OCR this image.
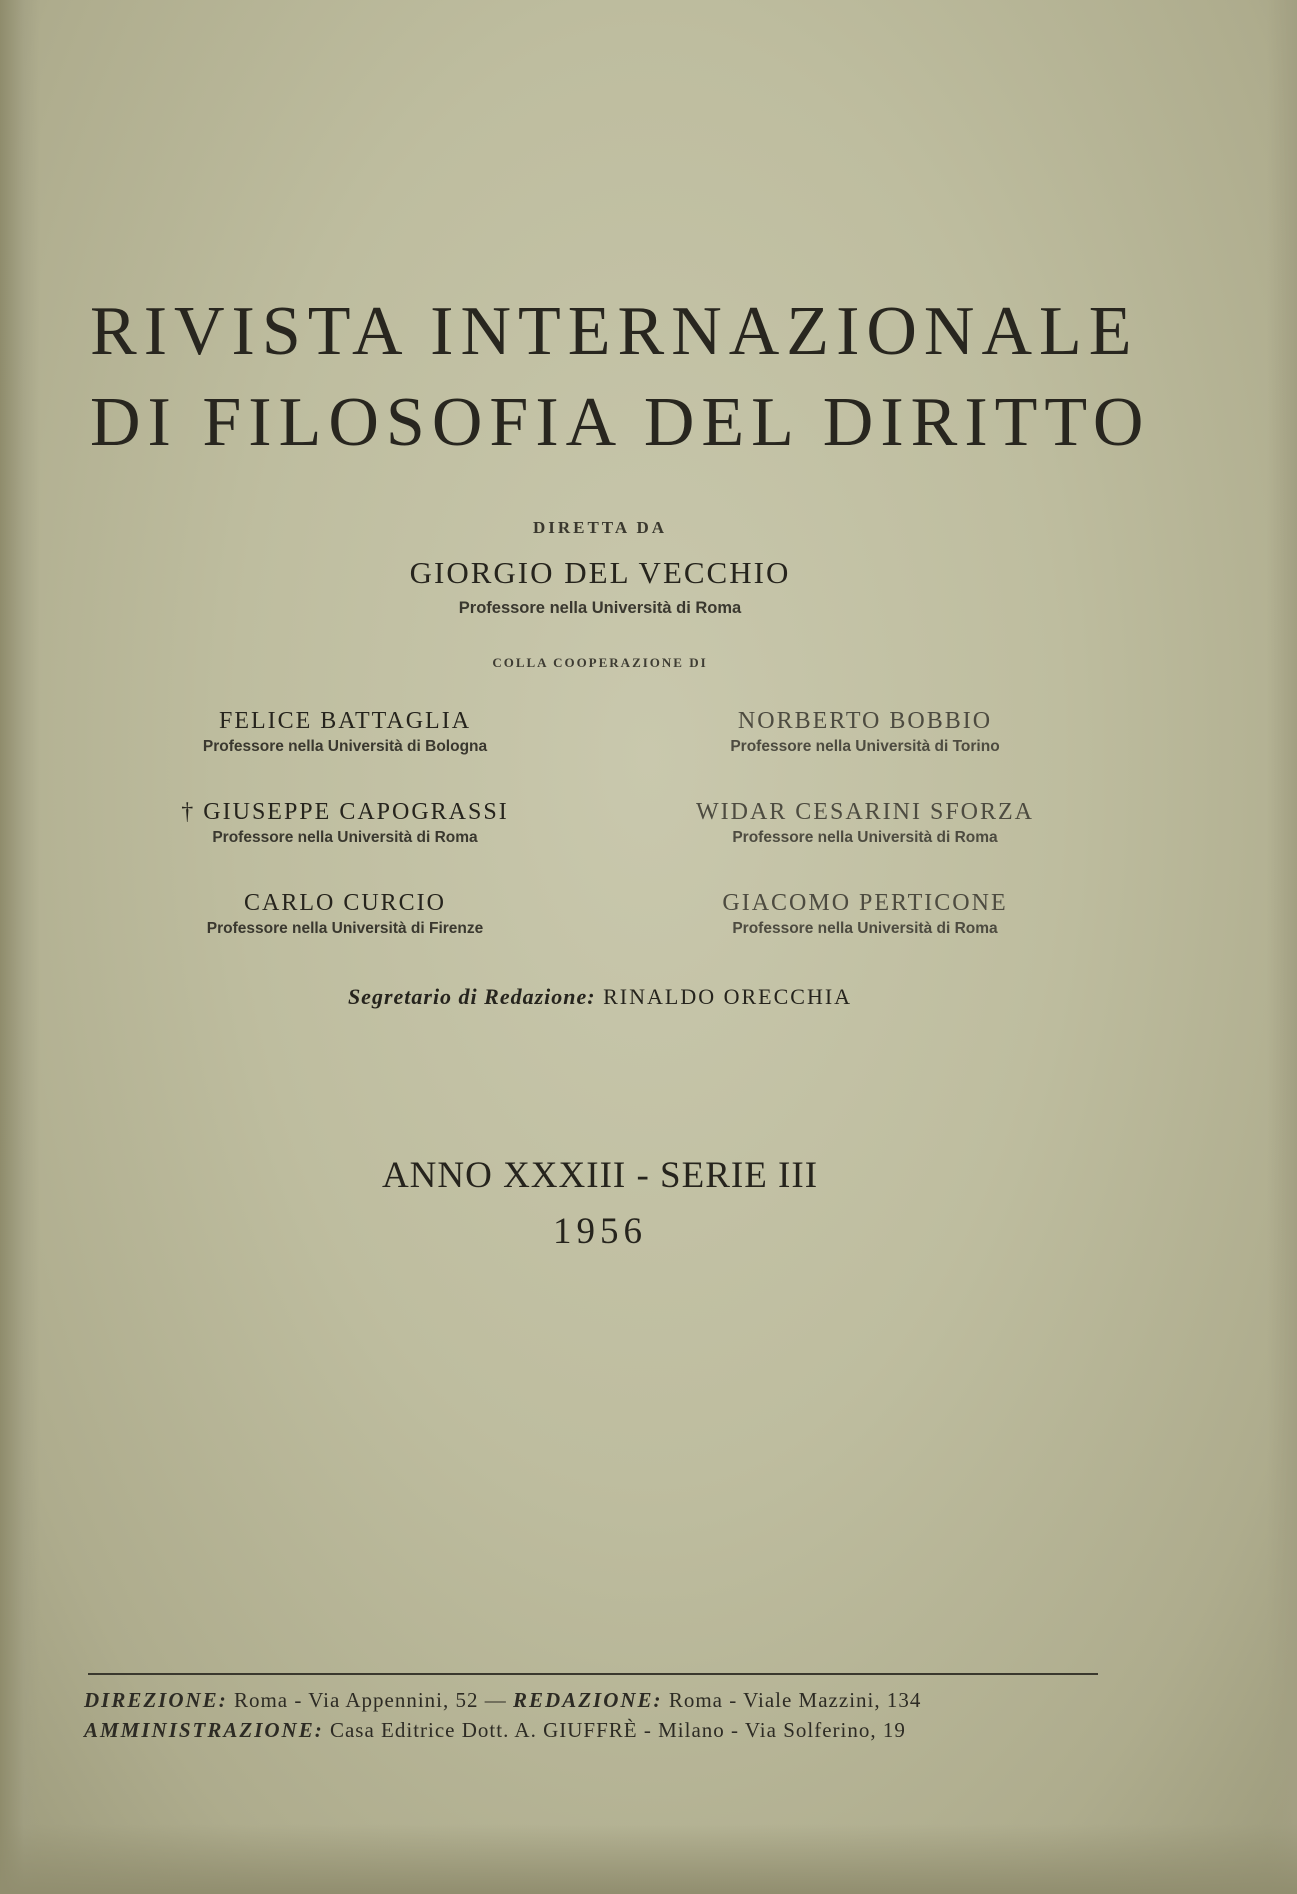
RIVISTA INTERNAZIONALE
DI FILOSOFIA DEL DIRITTO
DIRETTA DA
GIORGIO DEL VECCHIO
Professore nella Università di Roma
COLLA COOPERAZIONE DI
FELICE BATTAGLIA
Professore nella Università di Bologna
NORBERTO BOBBIO
Professore nella Università di Torino
† GIUSEPPE CAPOGRASSI
Professore nella Università di Roma
WIDAR CESARINI SFORZA
Professore nella Università di Roma
CARLO CURCIO
Professore nella Università di Firenze
GIACOMO PERTICONE
Professore nella Università di Roma
Segretario di Redazione: RINALDO ORECCHIA
ANNO XXXIII - SERIE III
1956
DIREZIONE: Roma - Via Appennini, 52 — REDAZIONE: Roma - Viale Mazzini, 134
AMMINISTRAZIONE: Casa Editrice Dott. A. GIUFFRÈ - Milano - Via Solferino, 19
